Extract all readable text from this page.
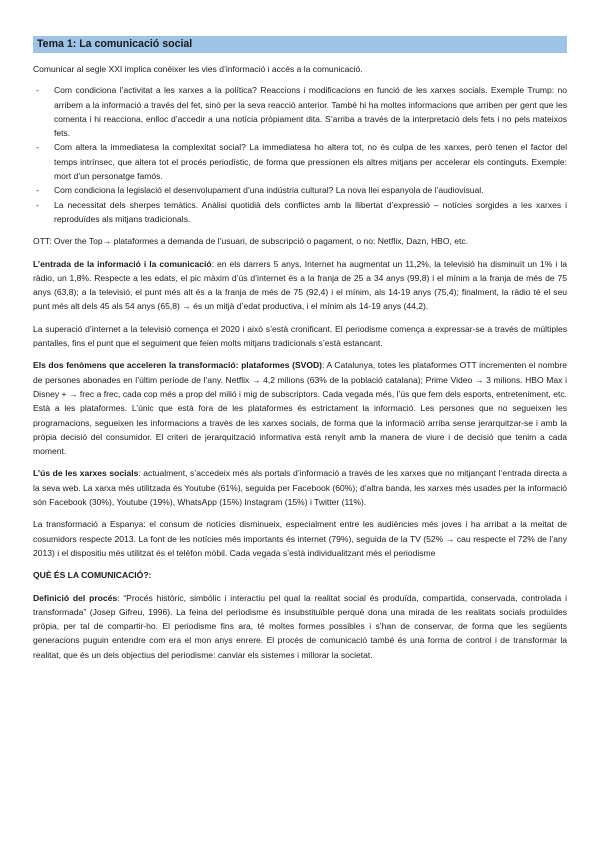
Tema 1: La comunicació social

Comunicar al segle XXI implica conèixer les vies d’informació i accés a la comunicació.

- Com condiciona l’activitat a les xarxes a la política? Reaccions i modificacions en funció de les xarxes socials. Exemple Trump: no arribem a la informació a través del fet, sinó per la seva reacció anterior. També hi ha moltes informacions que arriben per gent que les comenta i hi reacciona, enlloc d’accedir a una notícia pròpiament dita. S’arriba a través de la interpretació dels fets i no pels mateixos fets.
- Com altera la immediatesa la complexitat social? La immediatesa ho altera tot, no és culpa de les xarxes, però tenen el factor del temps intrínsec, que altera tot el procés periodístic, de forma que pressionen els altres mitjans per accelerar els continguts. Exemple: mort d’un personatge famós.
- Com condiciona la legislació el desenvolupament d’una indústria cultural? La nova llei espanyola de l’audiovisual.
- La necessitat dels sherpes temàtics. Anàlisi quotidià dels conflictes amb la llibertat d’expressió – notícies sorgides a les xarxes i reproduïdes als mitjans tradicionals.

OTT: Over the Top→ plataformes a demanda de l’usuari, de subscripció o pagament, o no: Netflix, Dazn, HBO, etc.

L’entrada de la informació i la comunicació: en els darrers 5 anys, Internet ha augmentat un 11,2%, la televisió ha disminuït un 1% i la ràdio, un 1,8%. Respecte a les edats, el pic màxim d’ús d’internet és a la franja de 25 a 34 anys (99,8) i el mínim a la franja de més de 75 anys (63,8); a la televisió, el punt més alt és a la franja de més de 75 (92,4) i el mínim, als 14-19 anys (75,4); finalment, la ràdio té el seu punt més alt dels 45 als 54 anys (65,8) → és un mitjà d’edat productiva, i el mínim als 14-19 anys (44,2).

La superació d’internet a la televisió comença el 2020 i això s’està cronificant. El periodisme comença a expressar-se a través de múltiples pantalles, fins el punt que el seguiment que feien molts mitjans tradicionals s’està estancant.

Els dos fenòmens que acceleren la transformació: plataformes (SVOD): A Catalunya, totes les plataformes OTT incrementen el nombre de persones abonades en l’últim període de l’any. Netflix → 4,2 milions (63% de la població catalana); Prime Video → 3 milions. HBO Max i Disney + → frec a frec, cada cop més a prop del milió i mig de subscriptors. Cada vegada més, l’ús que fem dels esports, entreteniment, etc. Està a les plataformes. L’únic que està fora de les plataformes és estrictament la informació. Les persones que no segueixen les programacions, segueixen les informacions a través de les xarxes socials, de forma que la informació arriba sense jerarquitzar-se i amb la pròpia decisió del consumidor. El criteri de jerarquització informativa està renyit amb la manera de viure i de decisió que tenim a cada moment.

L’ús de les xarxes socials: actualment, s’accedeix més als portals d’informació a través de les xarxes que no mitjançant l’entrada directa a la seva web. La xarxa més utilitzada és Youtube (61%), seguida per Facebook (60%); d’altra banda, les xarxes més usades per la informació són Facebook (30%), Youtube (19%), WhatsApp (15%) Instagram (15%) i Twitter (11%).

La transformació a Espanya: el consum de notícies disminueix, especialment entre les audiències més joves i ha arribat a la meitat de cosumidors respecte 2013. La font de les notícies més importants és internet (79%), seguida de la TV (52% → cau respecte el 72% de l’any 2013) i el dispositiu més utilitzat és el telèfon mòbil. Cada vegada s’està individualitzant més el periodisme

QUÈ ÉS LA COMUNICACIÓ?:

Definició del procés: “Procés històric, simbòlic i interactiu pel qual la realitat social és produïda, compartida, conservada, controlada i transformada” (Josep Gifreu, 1996). La feina del periodisme és insubstituïble perquè dona una mirada de les realitats socials produïdes pròpia, per tal de compartir-ho. El periodisme fins ara, té moltes formes possibles i s’han de conservar, de forma que les següents generacions puguin entendre com era el mon anys enrere. El procés de comunicació també és una forma de control i de transformar la realitat, que és un dels objectius del periodisme: canviar els sistemes i millorar la societat.
